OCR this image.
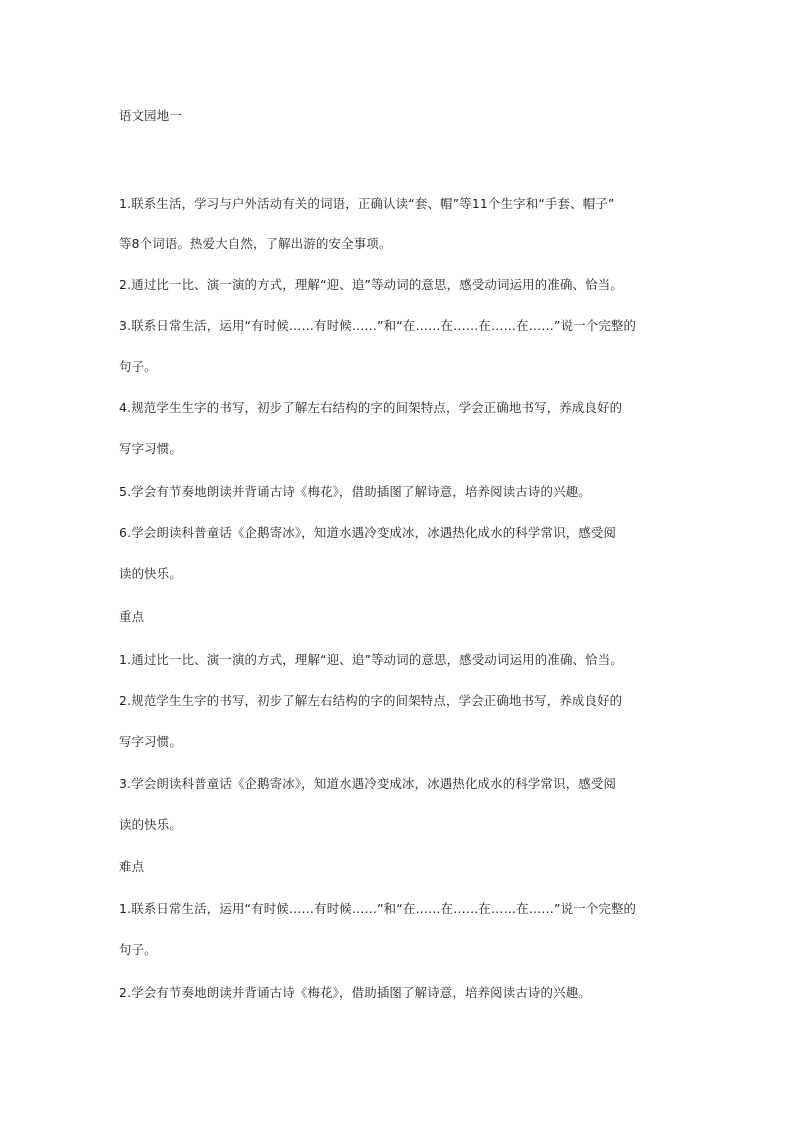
语文园地一
1.联系生活，学习与户外活动有关的词语，正确认读“套、帽”等11个生字和“手套、帽子”
等8个词语。热爱大自然，了解出游的安全事项。
2.通过比一比、演一演的方式，理解“迎、追”等动词的意思，感受动词运用的准确、恰当。
3.联系日常生活，运用“有时候……有时候……”和“在……在……在……在……”说一个完整的
句子。
4.规范学生生字的书写，初步了解左右结构的字的间架特点，学会正确地书写，养成良好的
写字习惯。
5.学会有节奏地朗读并背诵古诗《梅花》，借助插图了解诗意，培养阅读古诗的兴趣。
6.学会朗读科普童话《企鹅寄冰》，知道水遇冷变成冰，冰遇热化成水的科学常识，感受阅
读的快乐。
重点
1.通过比一比、演一演的方式，理解“迎、追”等动词的意思，感受动词运用的准确、恰当。
2.规范学生生字的书写，初步了解左右结构的字的间架特点，学会正确地书写，养成良好的
写字习惯。
3.学会朗读科普童话《企鹅寄冰》，知道水遇冷变成冰，冰遇热化成水的科学常识，感受阅
读的快乐。
难点
1.联系日常生活，运用“有时候……有时候……”和“在……在……在……在……”说一个完整的
句子。
2.学会有节奏地朗读并背诵古诗《梅花》，借助插图了解诗意，培养阅读古诗的兴趣。
